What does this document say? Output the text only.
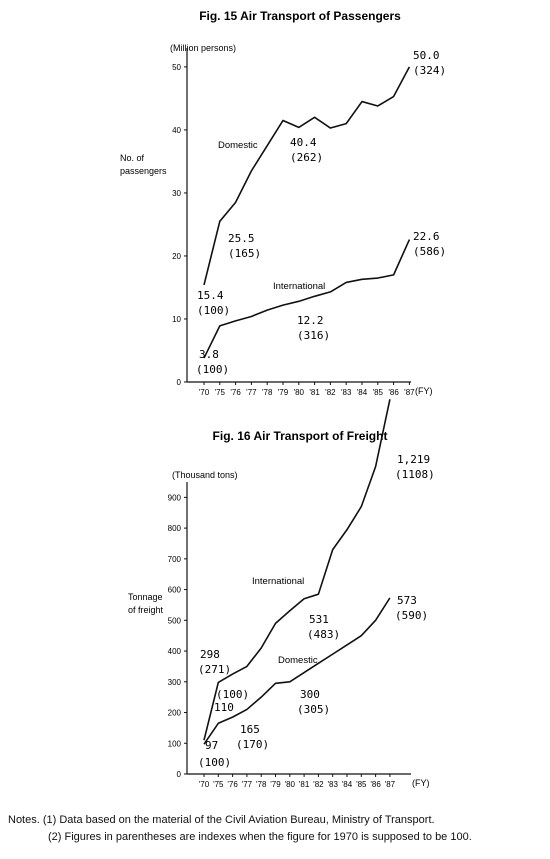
Fig. 15 Air Transport of Passengers
(Million persons)
No. of
passengers
0
10
20
30
40
50
'70 '75 '76 '77 '78 '79 '80 '81 '82 '83 '84 '85 '86 '87 (FY)
Domestic
International
50.0
(324)
40.4
(262)
25.5
(165)
15.4
(100)
22.6
(586)
12.2
(316)
3.8
(100)
Fig. 16 Air Transport of Freight
(Thousand tons)
Tonnage
of freight
0
100
200
300
400
500
600
700
800
900
'70 '75 '76 '77 '78 '79 '80 '81 '82 '83 '84 '85 '86 '87 (FY)
International
Domestic
1,219
(1108)
298
(271)
110
(100)
531
(483)
573
(590)
300
(305)
165
(170)
97
(100)
Notes. (1) Data based on the material of the Civil Aviation Bureau, Ministry of Transport.
(2) Figures in parentheses are indexes when the figure for 1970 is supposed to be 100.
